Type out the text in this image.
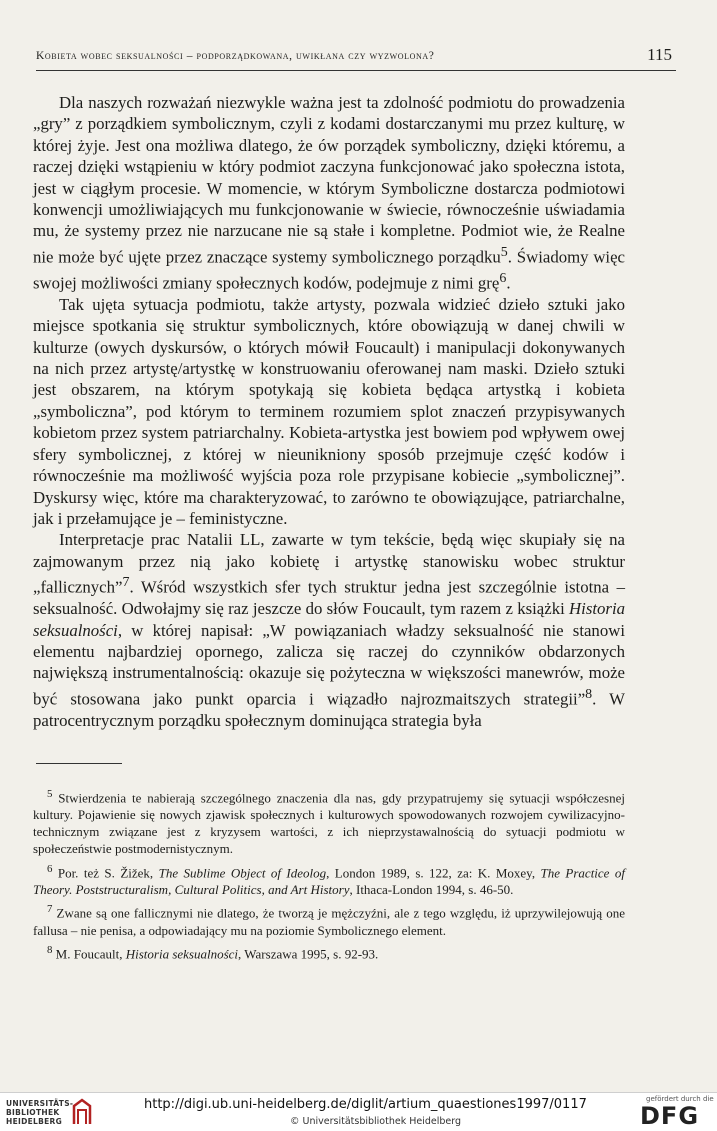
Kobieta wobec seksualności – podporządkowana, uwikłana czy wyzwolona?	115

Dla naszych rozważań niezwykle ważna jest ta zdolność podmiotu do prowadzenia „gry” z porządkiem symbolicznym, czyli z kodami dostarczanymi mu przez kulturę, w której żyje. Jest ona możliwa dlatego, że ów porządek symboliczny, dzięki któremu, a raczej dzięki wstąpieniu w który podmiot zaczyna funkcjonować jako społeczna istota, jest w ciągłym procesie. W momencie, w którym Symboliczne dostarcza podmiotowi konwencji umożliwiających mu funkcjonowanie w świecie, równocześnie uświadamia mu, że systemy przez nie narzucane nie są stałe i kompletne. Podmiot wie, że Realne nie może być ujęte przez znaczące systemy symbolicznego porządku$^5$. Świadomy więc swojej możliwości zmiany społecznych kodów, podejmuje z nimi grę$^6$.

Tak ujęta sytuacja podmiotu, także artysty, pozwala widzieć dzieło sztuki jako miejsce spotkania się struktur symbolicznych, które obowiązują w danej chwili w kulturze (owych dyskursów, o których mówił Foucault) i manipulacji dokonywanych na nich przez artystę/artystkę w konstruowaniu oferowanej nam maski. Dzieło sztuki jest obszarem, na którym spotykają się kobieta będąca artystką i kobieta „symboliczna”, pod którym to terminem rozumiem splot znaczeń przypisywanych kobietom przez system patriarchalny. Kobieta-artystka jest bowiem pod wpływem owej sfery symbolicznej, z której w nieunikniony sposób przejmuje część kodów i równocześnie ma możliwość wyjścia poza role przypisane kobiecie „symbolicznej”. Dyskursy więc, które ma charakteryzować, to zarówno te obowiązujące, patriarchalne, jak i przełamujące je – feministyczne.

Interpretacje prac Natalii LL, zawarte w tym tekście, będą więc skupiały się na zajmowanym przez nią jako kobietę i artystkę stanowisku wobec struktur „fallicznych”$^7$. Wśród wszystkich sfer tych struktur jedna jest szczególnie istotna – seksualność. Odwołajmy się raz jeszcze do słów Foucault, tym razem z książki Historia seksualności, w której napisał: „W powiązaniach władzy seksualność nie stanowi elementu najbardziej opornego, zalicza się raczej do czynników obdarzonych największą instrumentalnością: okazuje się pożyteczna w większości manewrów, może być stosowana jako punkt oparcia i wiązadło najrozmaitszych strategii”$^8$. W patrocentrycznym porządku społecznym dominująca strategia była

$^5$ Stwierdzenia te nabierają szczególnego znaczenia dla nas, gdy przypatrujemy się sytuacji współczesnej kultury. Pojawienie się nowych zjawisk społecznych i kulturowych spowodowanych rozwojem cywilizacyjno-technicznym związane jest z kryzysem wartości, z ich nieprzystawalnością do sytuacji podmiotu w społeczeństwie postmodernistycznym.

$^6$ Por. też S. Žižek, The Sublime Object of Ideolog, London 1989, s. 122, za: K. Moxey, The Practice of Theory. Poststructuralism, Cultural Politics, and Art History, Ithaca-London 1994, s. 46-50.

$^7$ Zwane są one fallicznymi nie dlatego, że tworzą je mężczyźni, ale z tego względu, iż uprzywilejowują one fallusa – nie penisa, a odpowiadający mu na poziomie Symbolicznego element.

$^8$ M. Foucault, Historia seksualności, Warszawa 1995, s. 92-93.

UNIVERSITÄTS-
BIBLIOTHEK
HEIDELBERG
http://digi.ub.uni-heidelberg.de/diglit/artium_quaestiones1997/0117
© Universitätsbibliothek Heidelberg
gefördert durch die
DFG
